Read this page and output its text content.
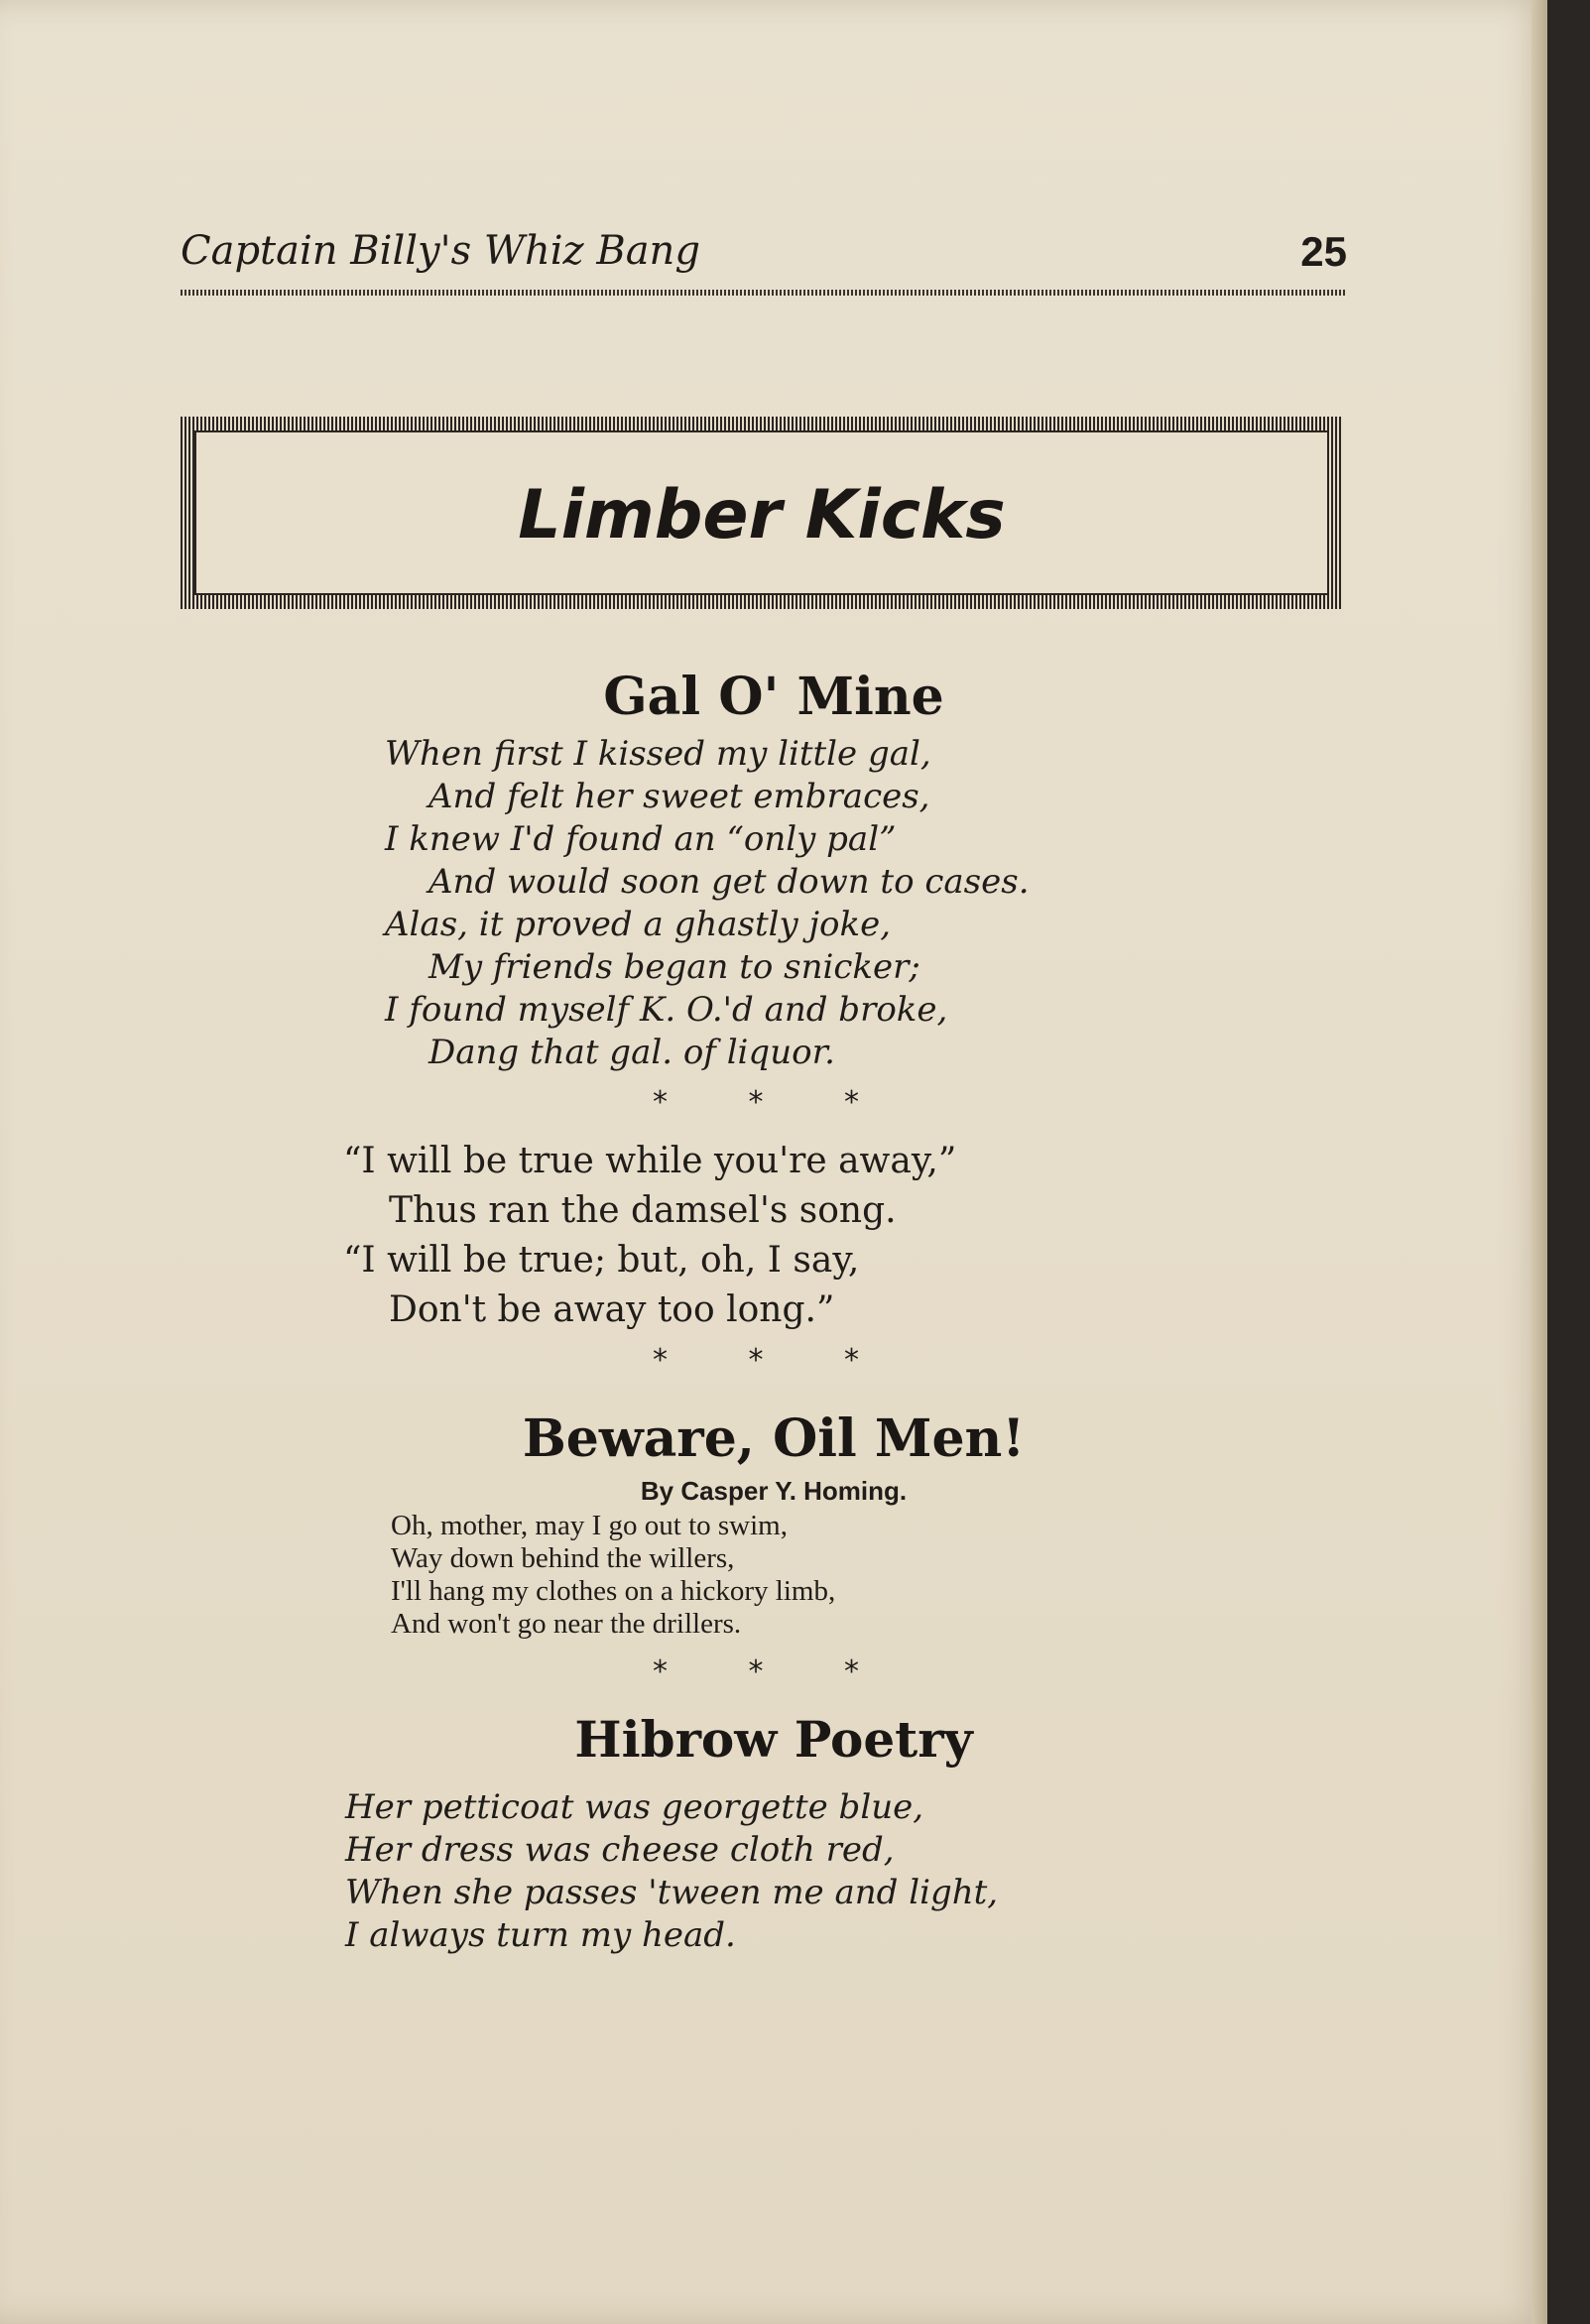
Captain Billy's Whiz Bang	25
Limber Kicks
Gal O' Mine
When first I kissed my little gal,
And felt her sweet embraces,
I knew I'd found an “only pal”
And would soon get down to cases.
Alas, it proved a ghastly joke,
My friends began to snicker;
I found myself K. O.'d and broke,
Dang that gal. of liquor.
* * *
“I will be true while you're away,”
Thus ran the damsel's song.
“I will be true; but, oh, I say,
Don't be away too long.”
* * *
Beware, Oil Men!
By Casper Y. Homing.
Oh, mother, may I go out to swim,
Way down behind the willers,
I'll hang my clothes on a hickory limb,
And won't go near the drillers.
* * *
Hibrow Poetry
Her petticoat was georgette blue,
Her dress was cheese cloth red,
When she passes 'tween me and light,
I always turn my head.
